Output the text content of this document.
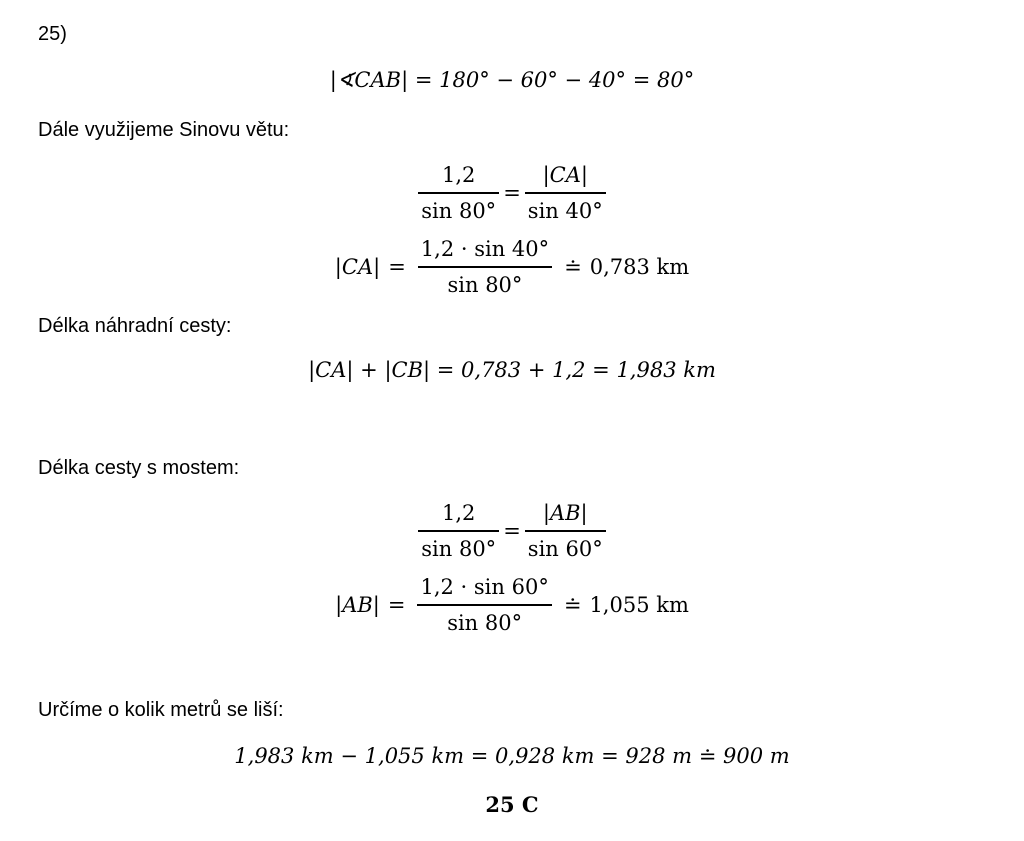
25)
|∢CAB| = 180° − 60° − 40° = 80°
Dále využijeme Sinovu větu:
$\frac{1,2}{\sin 80^\circ} = \frac{|CA|}{\sin 40^\circ}$
$|CA| = \frac{1,2 \cdot \sin 40^\circ}{\sin 80^\circ}$ ≐ 0,783 km
Délka náhradní cesty:
|CA| + |CB| = 0,783 + 1,2 = 1,983 km
Délka cesty s mostem:
$\frac{1,2}{\sin 80^\circ} = \frac{|AB|}{\sin 60^\circ}$
$|AB| = \frac{1,2 \cdot \sin 60^\circ}{\sin 80^\circ}$ ≐ 1,055 km
Určíme o kolik metrů se liší:
1,983 km − 1,055 km = 0,928 km = 928 m ≐ 900 m
25 C
